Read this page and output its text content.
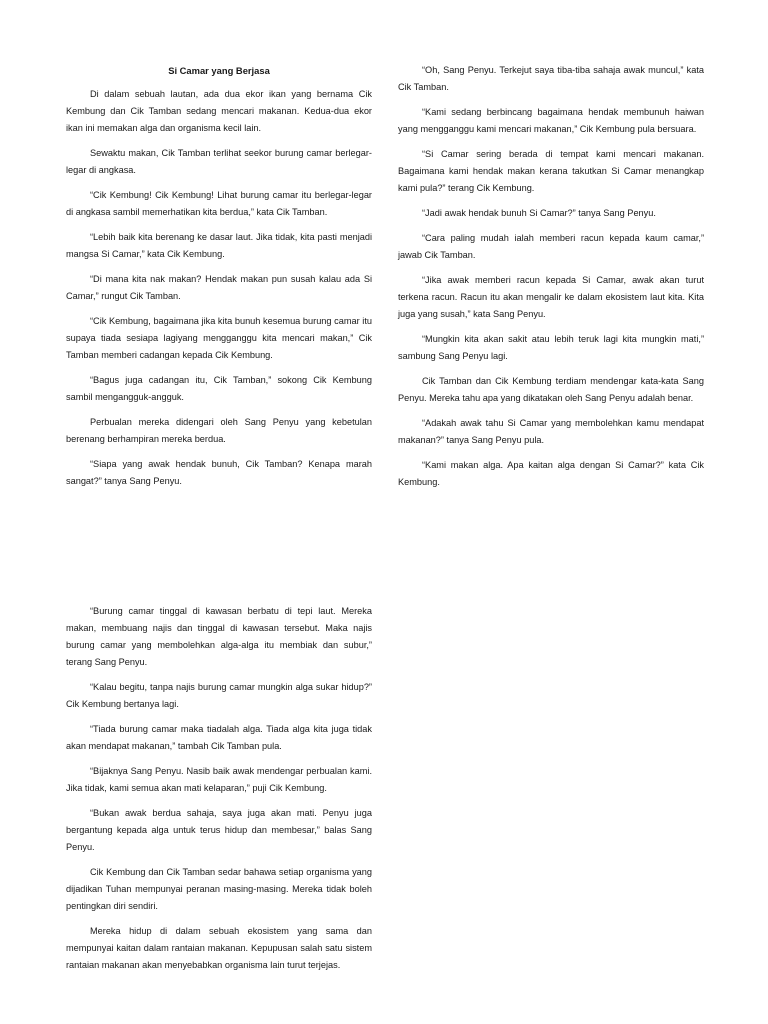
Si Camar yang Berjasa

Di dalam sebuah lautan, ada dua ekor ikan yang bernama Cik Kembung dan Cik Tamban sedang mencari makanan. Kedua-dua ekor ikan ini memakan alga dan organisma kecil lain.

Sewaktu makan, Cik Tamban terlihat seekor burung camar berlegar-legar di angkasa.

“Cik Kembung! Cik Kembung! Lihat burung camar itu berlegar-legar di angkasa sambil memerhatikan kita berdua,” kata Cik Tamban.

“Lebih baik kita berenang ke dasar laut. Jika tidak, kita pasti menjadi mangsa Si Camar,” kata Cik Kembung.

“Di mana kita nak makan? Hendak makan pun susah kalau ada Si Camar,” rungut Cik Tamban.

“Cik Kembung, bagaimana jika kita bunuh kesemua burung camar itu supaya tiada sesiapa lagiyang mengganggu kita mencari makan,” Cik Tamban memberi cadangan kepada Cik Kembung.

“Bagus juga cadangan itu, Cik Tamban,” sokong Cik Kembung sambil mengangguk-angguk.

Perbualan mereka didengari oleh Sang Penyu yang kebetulan berenang berhampiran mereka berdua.

“Siapa yang awak hendak bunuh, Cik Tamban? Kenapa marah sangat?” tanya Sang Penyu.

“Oh, Sang Penyu. Terkejut saya tiba-tiba sahaja awak muncul,” kata Cik Tamban.

“Kami sedang berbincang bagaimana hendak membunuh haiwan yang mengganggu kami mencari makanan,” Cik Kembung pula bersuara.

“Si Camar sering berada di tempat kami mencari makanan. Bagaimana kami hendak makan kerana takutkan Si Camar menangkap kami pula?” terang Cik Kembung.

“Jadi awak hendak bunuh Si Camar?” tanya Sang Penyu.

“Cara paling mudah ialah memberi racun kepada kaum camar,” jawab Cik Tamban.

“Jika awak memberi racun kepada Si Camar, awak akan turut terkena racun. Racun itu akan mengalir ke dalam ekosistem laut kita. Kita juga yang susah,” kata Sang Penyu.

“Mungkin kita akan sakit atau lebih teruk lagi kita mungkin mati,” sambung Sang Penyu lagi.

Cik Tamban dan Cik Kembung terdiam mendengar kata-kata Sang Penyu. Mereka tahu apa yang dikatakan oleh Sang Penyu adalah benar.

“Adakah awak tahu Si Camar yang membolehkan kamu mendapat makanan?” tanya Sang Penyu pula.

“Kami makan alga. Apa kaitan alga dengan Si Camar?” kata Cik Kembung.

“Burung camar tinggal di kawasan berbatu di tepi laut. Mereka makan, membuang najis dan tinggal di kawasan tersebut. Maka najis burung camar yang membolehkan alga-alga itu membiak dan subur,” terang Sang Penyu.

“Kalau begitu, tanpa najis burung camar mungkin alga sukar hidup?” Cik Kembung bertanya lagi.

“Tiada burung camar maka tiadalah alga. Tiada alga kita juga tidak akan mendapat makanan,” tambah Cik Tamban pula.

“Bijaknya Sang Penyu. Nasib baik awak mendengar perbualan kami. Jika tidak, kami semua akan mati kelaparan,” puji Cik Kembung.

“Bukan awak berdua sahaja, saya juga akan mati. Penyu juga bergantung kepada alga untuk terus hidup dan membesar,” balas Sang Penyu.

Cik Kembung dan Cik Tamban sedar bahawa setiap organisma yang dijadikan Tuhan mempunyai peranan masing-masing. Mereka tidak boleh pentingkan diri sendiri.

Mereka hidup di dalam sebuah ekosistem yang sama dan mempunyai kaitan dalam rantaian makanan. Kepupusan salah satu sistem rantaian makanan akan menyebabkan organisma lain turut terjejas.
